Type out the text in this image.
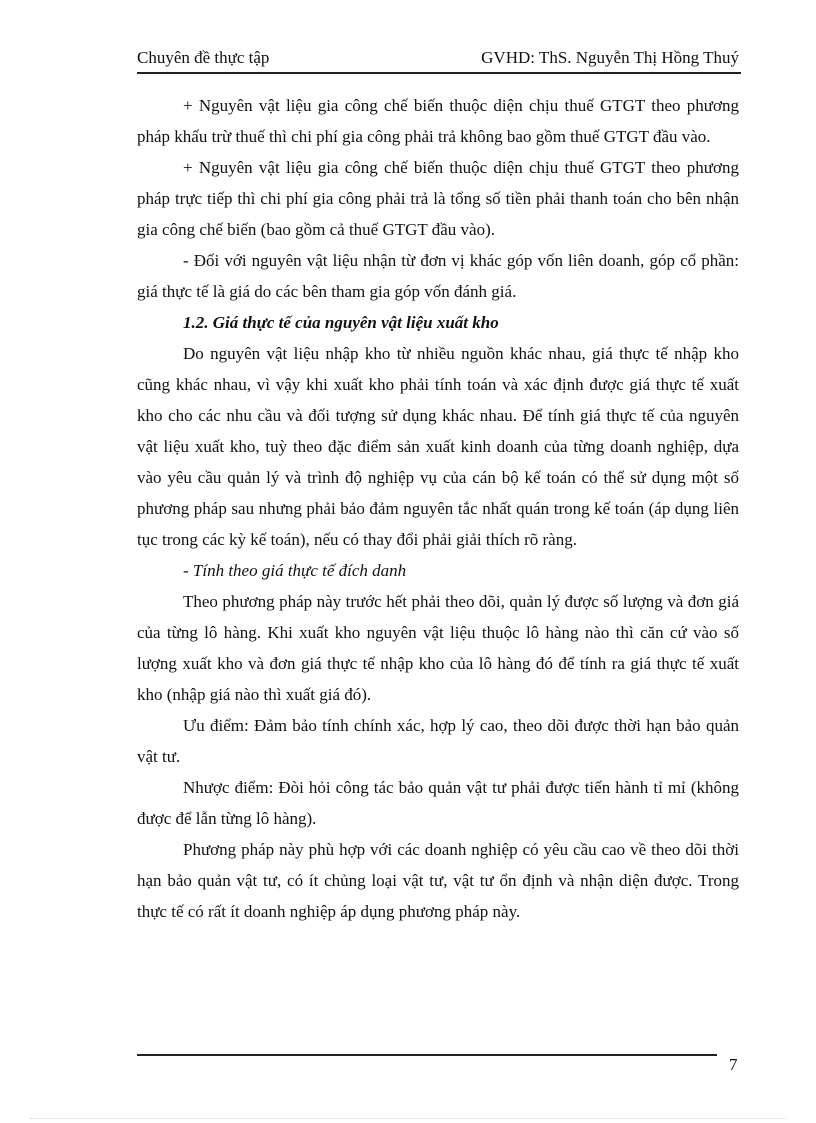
Chuyên đề thực tập	GVHD: ThS. Nguyễn Thị Hồng Thuý

+ Nguyên vật liệu gia công chế biến thuộc diện chịu thuế GTGT theo phương pháp khấu trừ thuế thì chi phí gia công phải trả không bao gồm thuế GTGT đầu vào.

+ Nguyên vật liệu gia công chế biến thuộc diện chịu thuế GTGT theo phương pháp trực tiếp thì chi phí gia công phải trả là tổng số tiền phải thanh toán cho bên nhận gia công chế biến (bao gồm cả thuế GTGT đầu vào).

- Đối với nguyên vật liệu nhận từ đơn vị khác góp vốn liên doanh, góp cổ phần: giá thực tế là giá do các bên tham gia góp vốn đánh giá.

1.2. Giá thực tế của nguyên vật liệu xuất kho

Do nguyên vật liệu nhập kho từ nhiều nguồn khác nhau, giá thực tế nhập kho cũng khác nhau, vì vậy khi xuất kho phải tính toán và xác định được giá thực tế xuất kho cho các nhu cầu và đối tượng sử dụng khác nhau. Để tính giá thực tế của nguyên vật liệu xuất kho, tuỳ theo đặc điểm sản xuất kinh doanh của từng doanh nghiệp, dựa vào yêu cầu quản lý và trình độ nghiệp vụ của cán bộ kế toán có thể sử dụng một số phương pháp sau nhưng phải bảo đảm nguyên tắc nhất quán trong kế toán (áp dụng liên tục trong các kỳ kế toán), nếu có thay đổi phải giải thích rõ ràng.

- Tính theo giá thực tế đích danh

Theo phương pháp này trước hết phải theo dõi, quản lý được số lượng và đơn giá của từng lô hàng. Khi xuất kho nguyên vật liệu thuộc lô hàng nào thì căn cứ vào số lượng xuất kho và đơn giá thực tế nhập kho của lô hàng đó để tính ra giá thực tế xuất kho (nhập giá nào thì xuất giá đó).

Ưu điểm: Đảm bảo tính chính xác, hợp lý cao, theo dõi được thời hạn bảo quản vật tư.

Nhược điểm: Đòi hỏi công tác bảo quản vật tư phải được tiến hành tỉ mỉ (không được để lẫn từng lô hàng).

Phương pháp này phù hợp với các doanh nghiệp có yêu cầu cao về theo dõi thời hạn bảo quản vật tư, có ít chủng loại vật tư, vật tư ổn định và nhận diện được. Trong thực tế có rất ít doanh nghiệp áp dụng phương pháp này.

7
